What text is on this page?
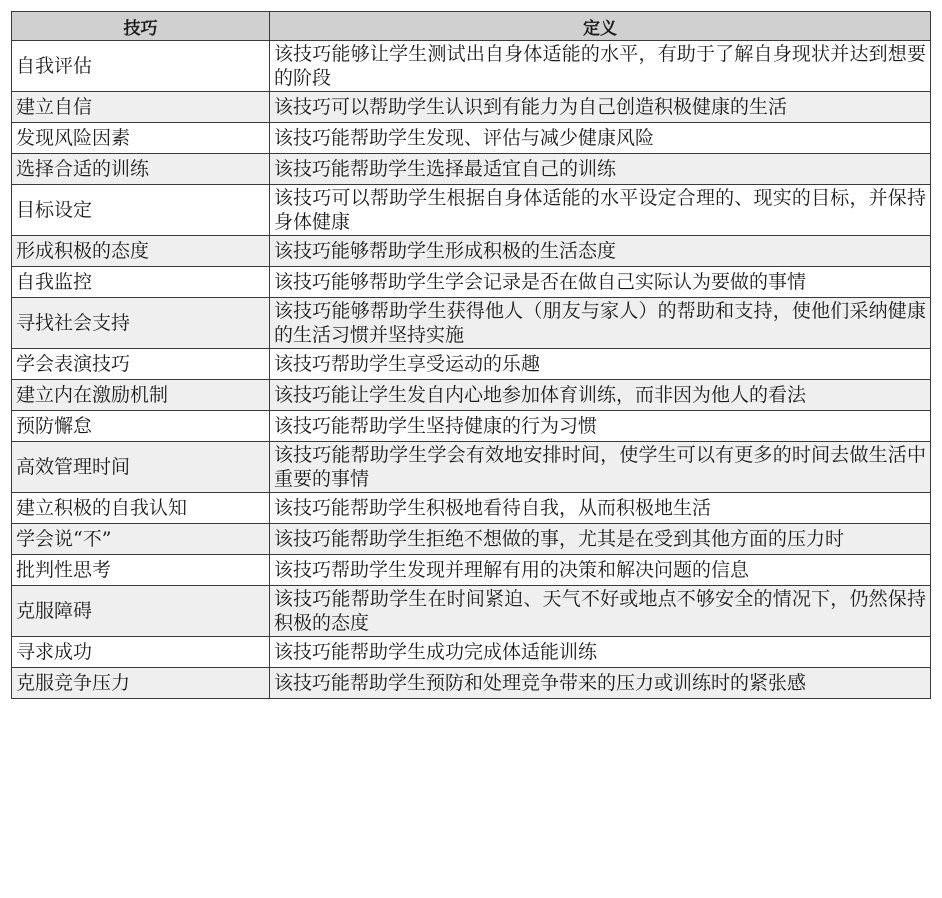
技巧	定义
自我评估	该技巧能够让学生测试出自身体适能的水平，有助于了解自身现状并达到想要的阶段
建立自信	该技巧可以帮助学生认识到有能力为自己创造积极健康的生活
发现风险因素	该技巧能帮助学生发现、评估与减少健康风险
选择合适的训练	该技巧能帮助学生选择最适宜自己的训练
目标设定	该技巧可以帮助学生根据自身体适能的水平设定合理的、现实的目标，并保持身体健康
形成积极的态度	该技巧能够帮助学生形成积极的生活态度
自我监控	该技巧能够帮助学生学会记录是否在做自己实际认为要做的事情
寻找社会支持	该技巧能够帮助学生获得他人（朋友与家人）的帮助和支持，使他们采纳健康的生活习惯并坚持实施
学会表演技巧	该技巧帮助学生享受运动的乐趣
建立内在激励机制	该技巧能让学生发自内心地参加体育训练，而非因为他人的看法
预防懈怠	该技巧能帮助学生坚持健康的行为习惯
高效管理时间	该技巧能帮助学生学会有效地安排时间，使学生可以有更多的时间去做生活中重要的事情
建立积极的自我认知	该技巧能帮助学生积极地看待自我，从而积极地生活
学会说“不”	该技巧能帮助学生拒绝不想做的事，尤其是在受到其他方面的压力时
批判性思考	该技巧帮助学生发现并理解有用的决策和解决问题的信息
克服障碍	该技巧能帮助学生在时间紧迫、天气不好或地点不够安全的情况下，仍然保持积极的态度
寻求成功	该技巧能帮助学生成功完成体适能训练
克服竞争压力	该技巧能帮助学生预防和处理竞争带来的压力或训练时的紧张感
